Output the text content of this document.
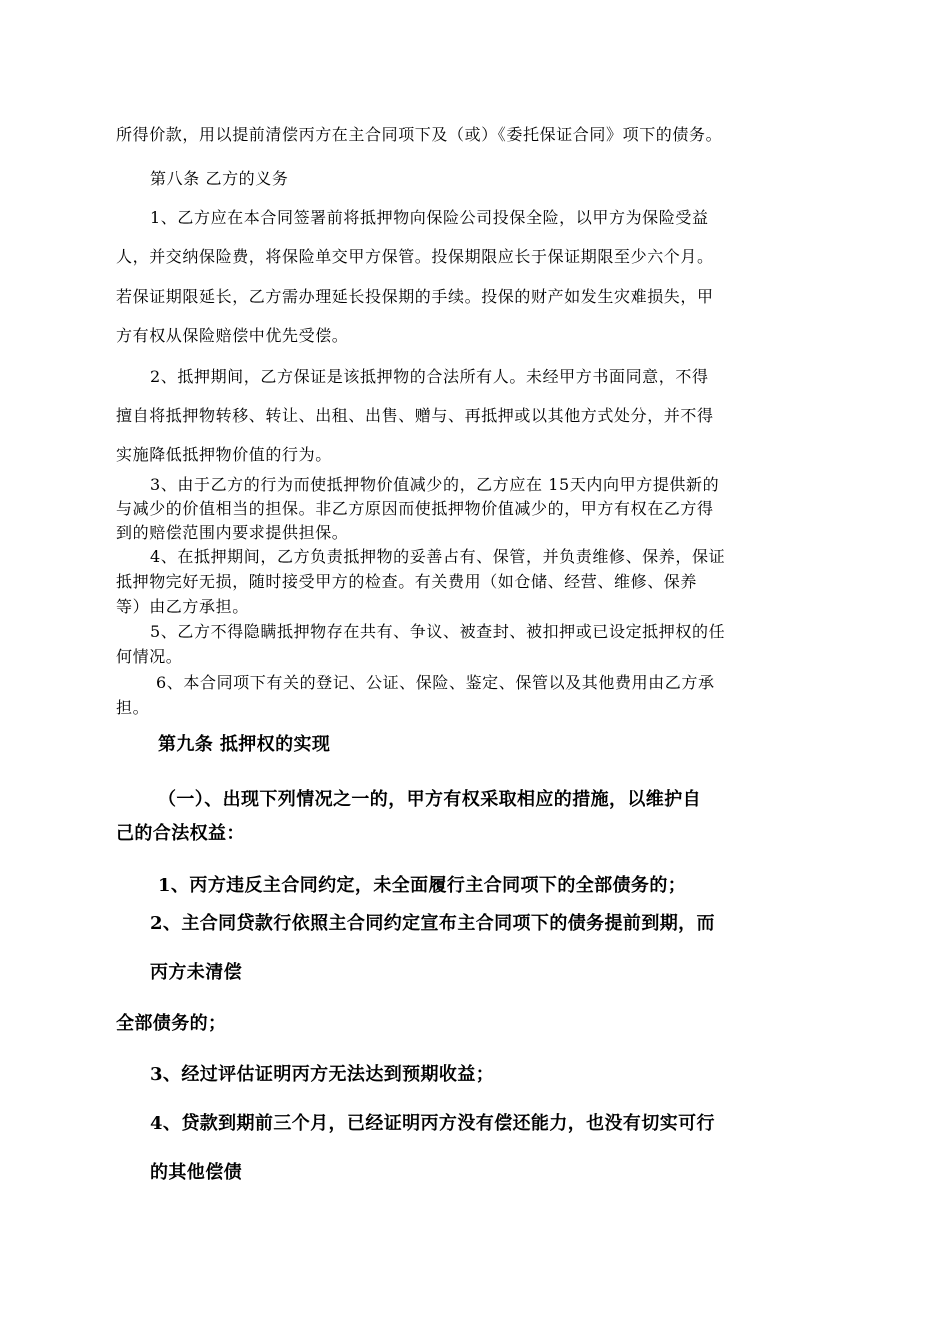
所得价款，用以提前清偿丙方在主合同项下及（或）《委托保证合同》项下的债务。
第八条 乙方的义务
1、乙方应在本合同签署前将抵押物向保险公司投保全险，以甲方为保险受益
人，并交纳保险费，将保险单交甲方保管。投保期限应长于保证期限至少六个月。
若保证期限延长，乙方需办理延长投保期的手续。投保的财产如发生灾难损失，甲
方有权从保险赔偿中优先受偿。
2、抵押期间，乙方保证是该抵押物的合法所有人。未经甲方书面同意，不得
擅自将抵押物转移、转让、出租、出售、赠与、再抵押或以其他方式处分，并不得
实施降低抵押物价值的行为。
3、由于乙方的行为而使抵押物价值减少的，乙方应在 15天内向甲方提供新的
与减少的价值相当的担保。非乙方原因而使抵押物价值减少的，甲方有权在乙方得
到的赔偿范围内要求提供担保。
4、在抵押期间，乙方负责抵押物的妥善占有、保管，并负责维修、保养，保证
抵押物完好无损，随时接受甲方的检查。有关费用（如仓储、经营、维修、保养
等）由乙方承担。
5、乙方不得隐瞒抵押物存在共有、争议、被查封、被扣押或已设定抵押权的任
何情况。
6、本合同项下有关的登记、公证、保险、鉴定、保管以及其他费用由乙方承
担。
第九条 抵押权的实现
（一）、出现下列情况之一的，甲方有权采取相应的措施，以维护自
己的合法权益：
1、丙方违反主合同约定，未全面履行主合同项下的全部债务的；
2、主合同贷款行依照主合同约定宣布主合同项下的债务提前到期，而
丙方未清偿
全部债务的；
3、经过评估证明丙方无法达到预期收益；
4、贷款到期前三个月，已经证明丙方没有偿还能力，也没有切实可行
的其他偿债
